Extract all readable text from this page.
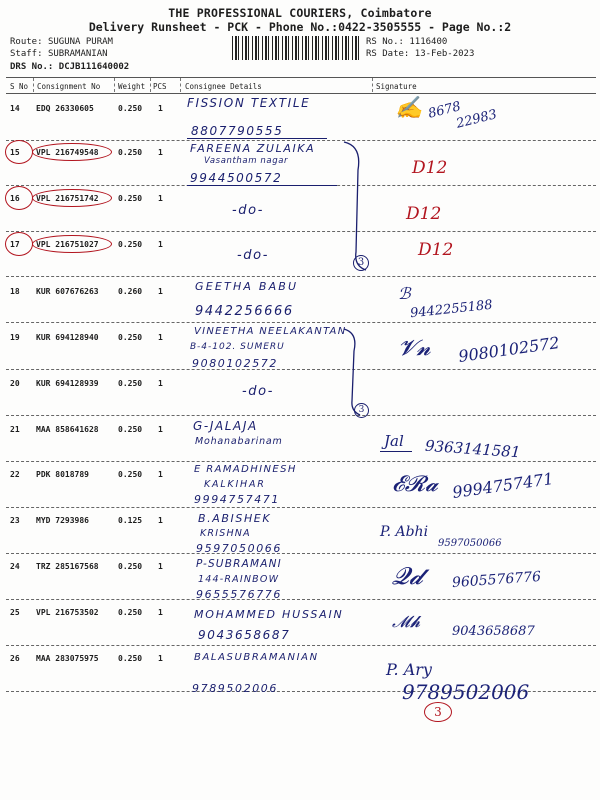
THE PROFESSIONAL COURIERS, Coimbatore
Delivery Runsheet - PCK - Phone No.:0422-3505555 - Page No.:2
Route: SUGUNA PURAM
Staff: SUBRAMANIAN
DRS No.: DCJB111640002
RS No.: 1116400
RS Date: 13-Feb-2023
S No Consignment No Weight PCS Consignee Details	Signature
14 EDQ 26330605	0.250 1 FISSION TEXTILE
8807790555
✍ 8678
22983
15 VPL 216749548 0.250 1 FAREENA ZULAIKA
Vasantham nagar
9944500572	D12
16 VPL 216751742 0.250 1
-do-	D12
17 VPL 216751027 0.250 1
-do-	D12
3
18 KUR 607676263 0.260 1	GEETHA BABU
9442256666
ℬ
9442255188
19 KUR 694128940 0.250 1
VINEETHA NEELAKANTAN
B-4-102. SUMERU
9080102572
𝓥𝓷 9080102572
20 KUR 694128939 0.250 1
-do-
3
21 MAA 858641628 0.250 1	G-JALAJA
Mohanabarinam	Jal 9363141581
22 PDK 8018789	0.250 1	E RAMADHINESH
KALKIHAR
9994757471
𝓔𝓡𝓪 9994757471
23 MYD 7293986	0.125 1	B.ABISHEK
KRISHNA
9597050066
P. Abhi
9597050066
24 TRZ 285167568 0.250 1	P-SUBRAMANI
144-RAINBOW
9655576776
𝓠𝓭 9605576776
25 VPL 216753502 0.250 1	MOHAMMED HUSSAIN
9043658687
𝓜𝓱
9043658687
26 MAA 283075975 0.250 1	BALASUBRAMANIAN
9789502006
P. Ary
9789502006
3
